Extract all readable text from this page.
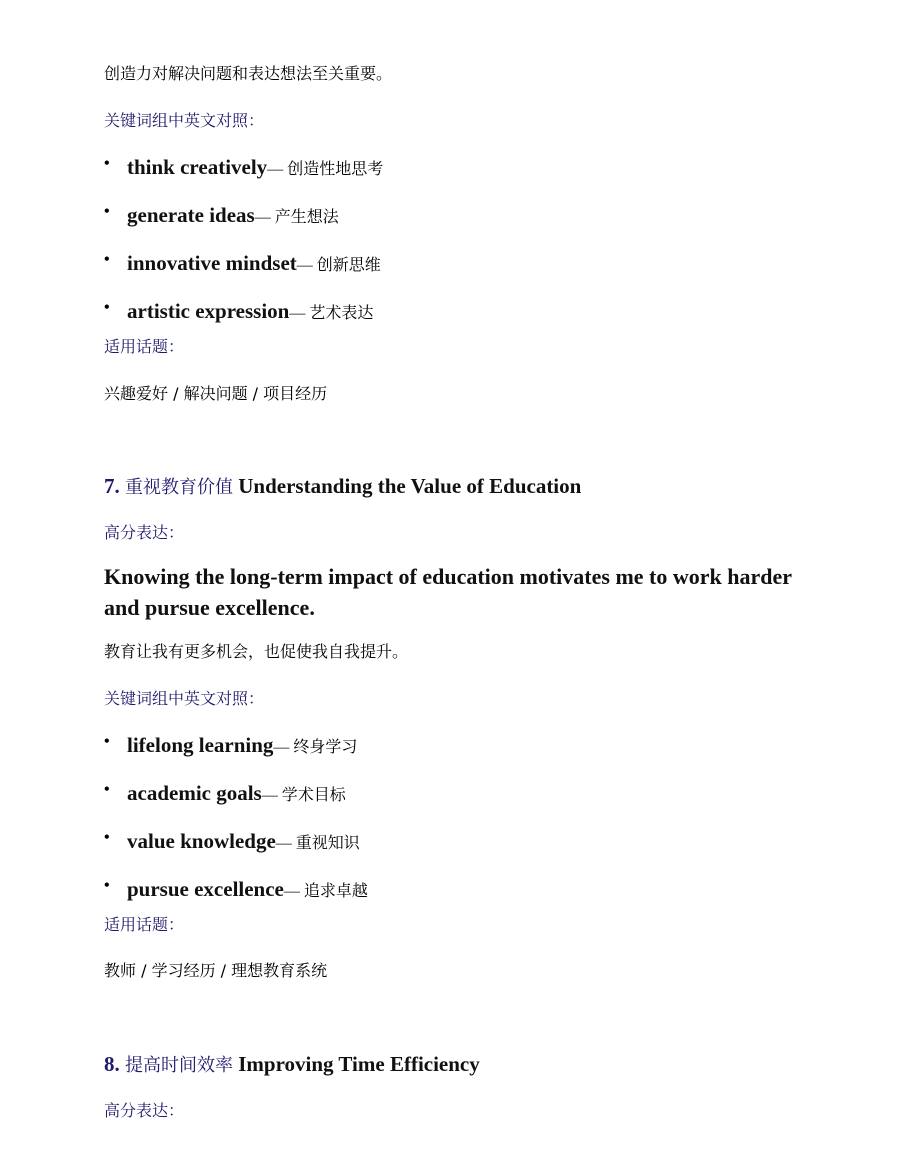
创造力对解决问题和表达想法至关重要。

关键词组中英文对照：

• think creatively— 创造性地思考
• generate ideas— 产生想法
• innovative mindset— 创新思维
• artistic expression— 艺术表达

适用话题：

兴趣爱好 / 解决问题 / 项目经历

7. 重视教育价值 Understanding the Value of Education

高分表达：

Knowing the long-term impact of education motivates me to work harder and pursue excellence.

教育让我有更多机会，也促使我自我提升。

关键词组中英文对照：

• lifelong learning— 终身学习
• academic goals— 学术目标
• value knowledge— 重视知识
• pursue excellence— 追求卓越

适用话题：

教师 / 学习经历 / 理想教育系统

8. 提高时间效率 Improving Time Efficiency

高分表达：
